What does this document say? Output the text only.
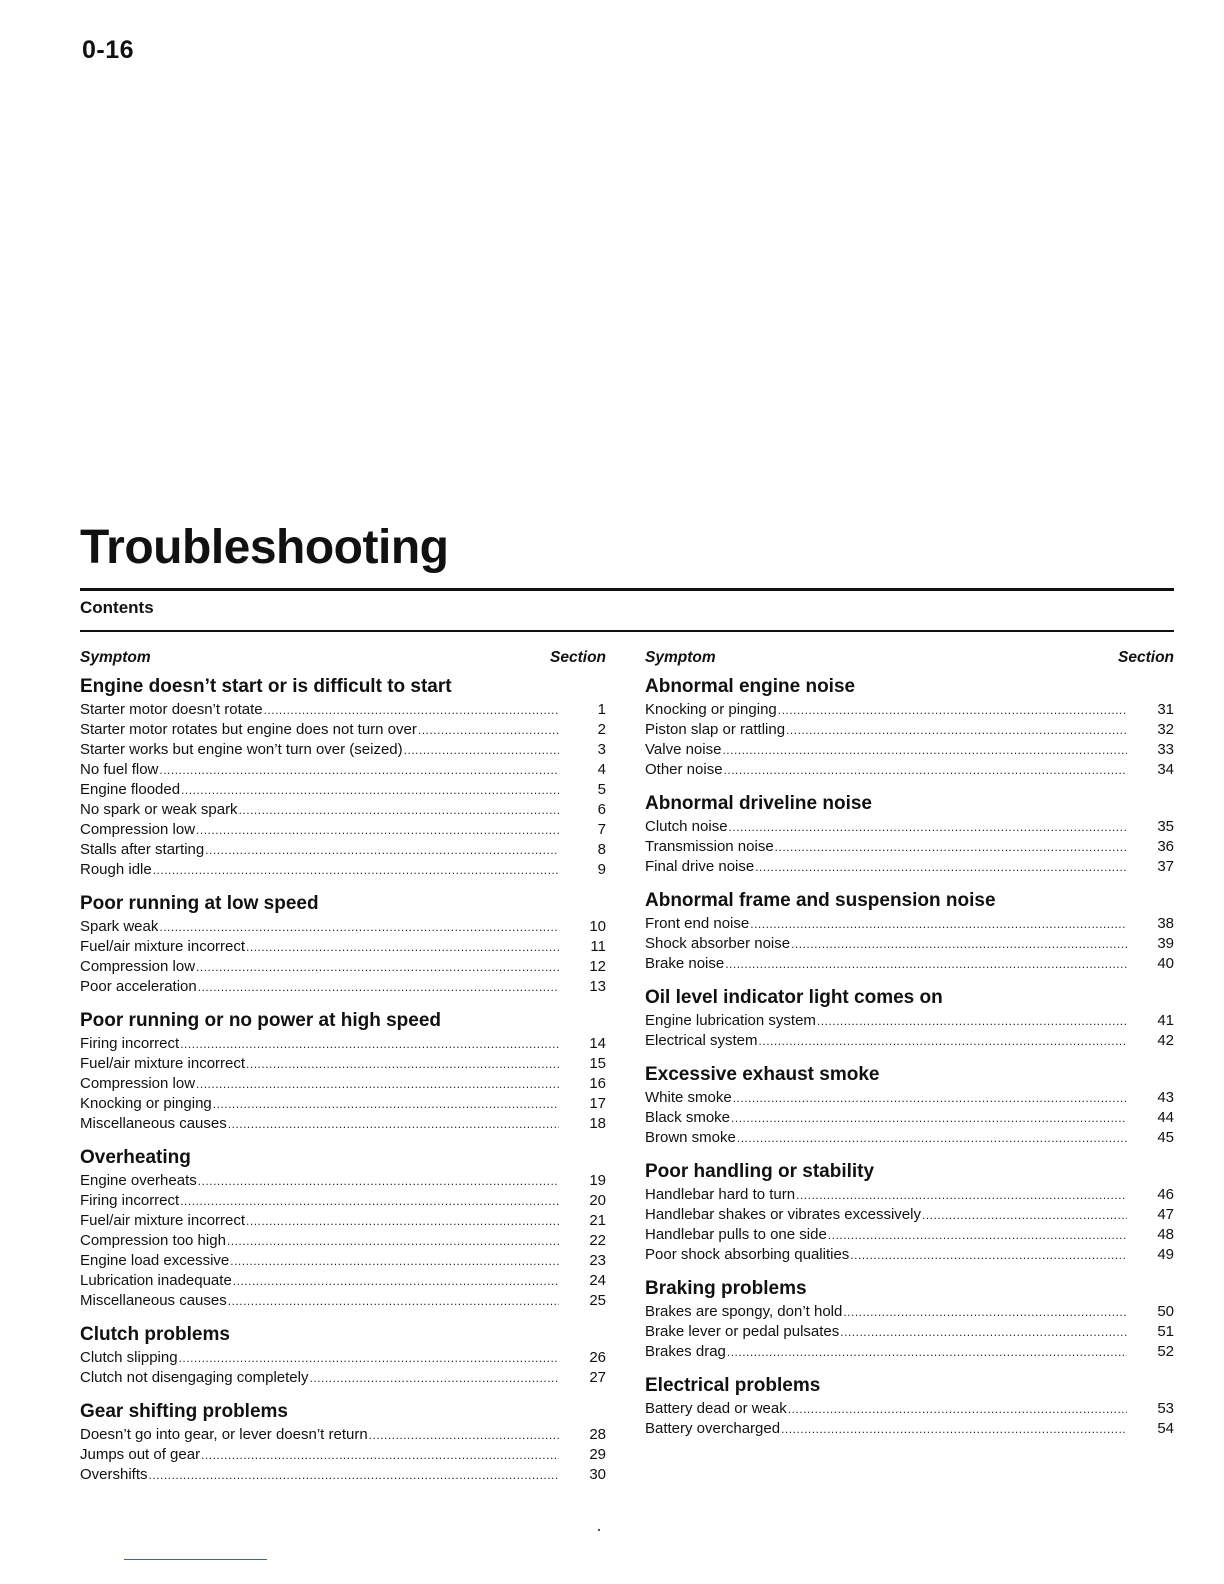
0-16
Troubleshooting
Contents
Symptom	Section
Engine doesn’t start or is difficult to start
Starter motor doesn’t rotate .....	1
Starter motor rotates but engine does not turn over .....	2
Starter works but engine won’t turn over (seized) .....	3
No fuel flow .....	4
Engine flooded .....	5
No spark or weak spark .....	6
Compression low .....	7
Stalls after starting .....	8
Rough idle .....	9
Poor running at low speed
Spark weak .....	10
Fuel/air mixture incorrect .....	11
Compression low .....	12
Poor acceleration .....	13
Poor running or no power at high speed
Firing incorrect .....	14
Fuel/air mixture incorrect .....	15
Compression low .....	16
Knocking or pinging .....	17
Miscellaneous causes .....	18
Overheating
Engine overheats .....	19
Firing incorrect .....	20
Fuel/air mixture incorrect .....	21
Compression too high .....	22
Engine load excessive .....	23
Lubrication inadequate .....	24
Miscellaneous causes .....	25
Clutch problems
Clutch slipping .....	26
Clutch not disengaging completely .....	27
Gear shifting problems
Doesn’t go into gear, or lever doesn’t return .....	28
Jumps out of gear .....	29
Overshifts .....	30
Symptom	Section
Abnormal engine noise
Knocking or pinging .....	31
Piston slap or rattling .....	32
Valve noise .....	33
Other noise .....	34
Abnormal driveline noise
Clutch noise .....	35
Transmission noise .....	36
Final drive noise .....	37
Abnormal frame and suspension noise
Front end noise .....	38
Shock absorber noise .....	39
Brake noise .....	40
Oil level indicator light comes on
Engine lubrication system .....	41
Electrical system .....	42
Excessive exhaust smoke
White smoke .....	43
Black smoke .....	44
Brown smoke .....	45
Poor handling or stability
Handlebar hard to turn .....	46
Handlebar shakes or vibrates excessively .....	47
Handlebar pulls to one side .....	48
Poor shock absorbing qualities .....	49
Braking problems
Brakes are spongy, don’t hold .....	50
Brake lever or pedal pulsates .....	51
Brakes drag .....	52
Electrical problems
Battery dead or weak .....	53
Battery overcharged .....	54
